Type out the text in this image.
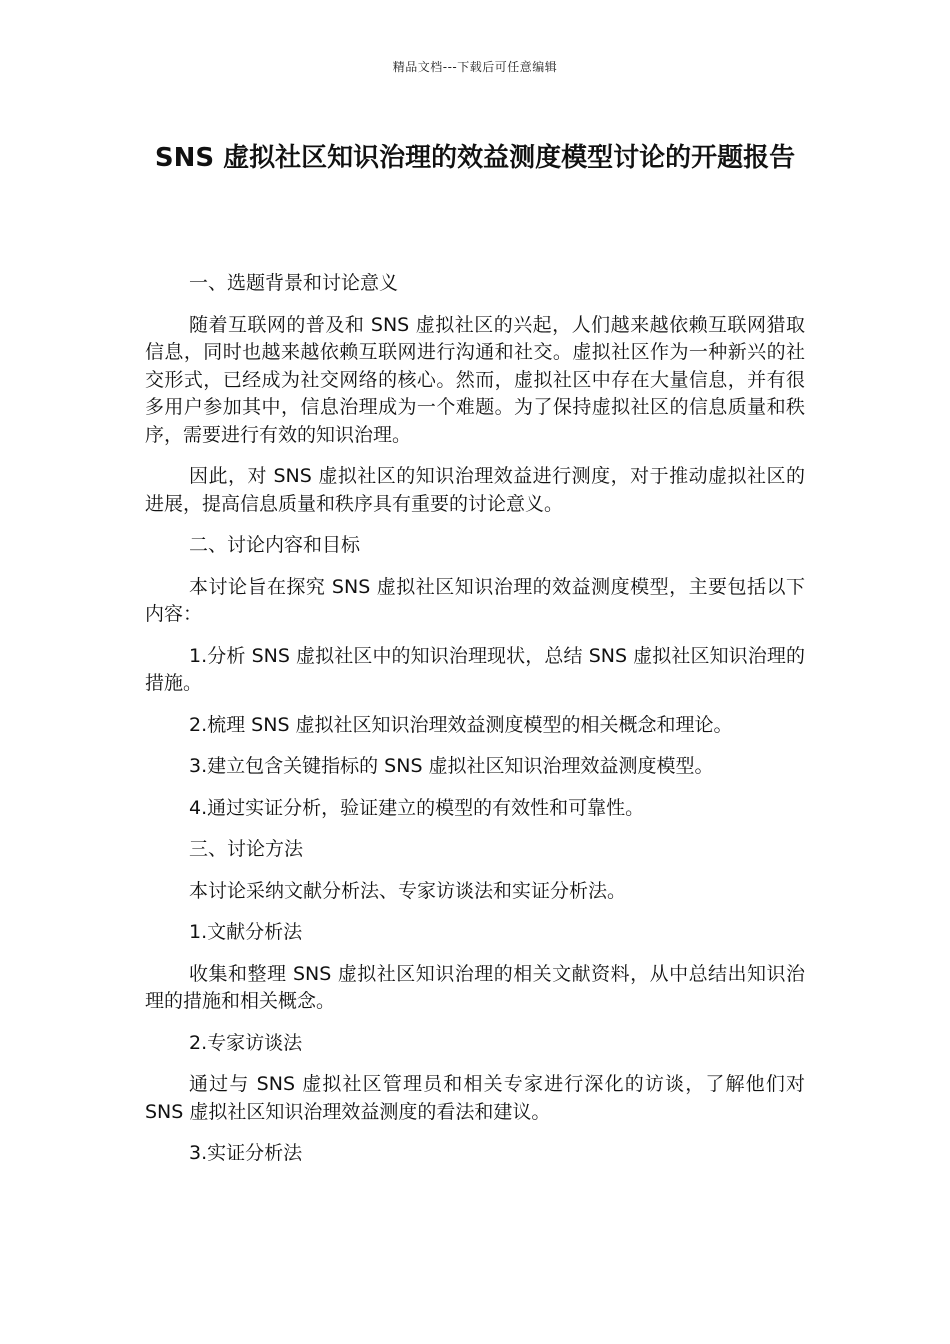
精品文档---下载后可任意编辑
SNS 虚拟社区知识治理的效益测度模型讨论的开题报告

一、选题背景和讨论意义

随着互联网的普及和 SNS 虚拟社区的兴起，人们越来越依赖互联网猎取信息，同时也越来越依赖互联网进行沟通和社交。虚拟社区作为一种新兴的社交形式，已经成为社交网络的核心。然而，虚拟社区中存在大量信息，并有很多用户参加其中，信息治理成为一个难题。为了保持虚拟社区的信息质量和秩序，需要进行有效的知识治理。

因此，对 SNS 虚拟社区的知识治理效益进行测度，对于推动虚拟社区的进展，提高信息质量和秩序具有重要的讨论意义。

二、讨论内容和目标

本讨论旨在探究 SNS 虚拟社区知识治理的效益测度模型，主要包括以下内容：

1.分析 SNS 虚拟社区中的知识治理现状，总结 SNS 虚拟社区知识治理的措施。

2.梳理 SNS 虚拟社区知识治理效益测度模型的相关概念和理论。

3.建立包含关键指标的 SNS 虚拟社区知识治理效益测度模型。

4.通过实证分析，验证建立的模型的有效性和可靠性。

三、讨论方法

本讨论采纳文献分析法、专家访谈法和实证分析法。

1.文献分析法

收集和整理 SNS 虚拟社区知识治理的相关文献资料，从中总结出知识治理的措施和相关概念。

2.专家访谈法

通过与 SNS 虚拟社区管理员和相关专家进行深化的访谈，了解他们对 SNS 虚拟社区知识治理效益测度的看法和建议。

3.实证分析法
